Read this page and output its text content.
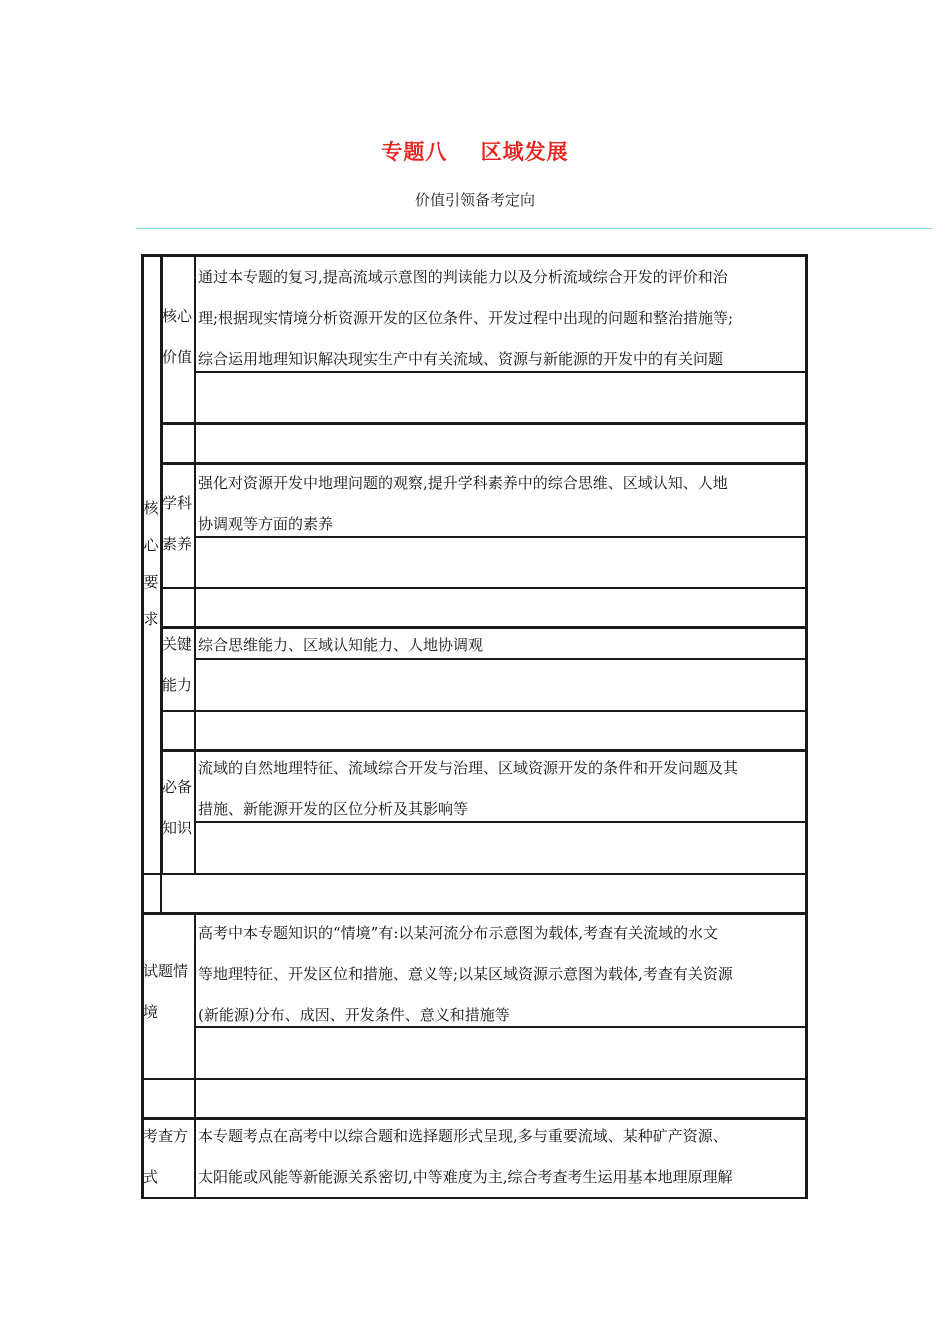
专题八    区域发展
价值引领备考定向
核
心
要
求
核心
价值
通过本专题的复习,提高流域示意图的判读能力以及分析流域综合开发的评价和治
理;根据现实情境分析资源开发的区位条件、开发过程中出现的问题和整治措施等;
综合运用地理知识解决现实生产中有关流域、资源与新能源的开发中的有关问题
学科
素养
强化对资源开发中地理问题的观察,提升学科素养中的综合思维、区域认知、人地
协调观等方面的素养
关键
能力
综合思维能力、区域认知能力、人地协调观
必备
知识
流域的自然地理特征、流域综合开发与治理、区域资源开发的条件和开发问题及其
措施、新能源开发的区位分析及其影响等
试题情
境
高考中本专题知识的“情境”有:以某河流分布示意图为载体,考查有关流域的水文
等地理特征、开发区位和措施、意义等;以某区域资源示意图为载体,考查有关资源
(新能源)分布、成因、开发条件、意义和措施等
考查方
式
本专题考点在高考中以综合题和选择题形式呈现,多与重要流域、某种矿产资源、
太阳能或风能等新能源关系密切,中等难度为主,综合考查考生运用基本地理原理解
